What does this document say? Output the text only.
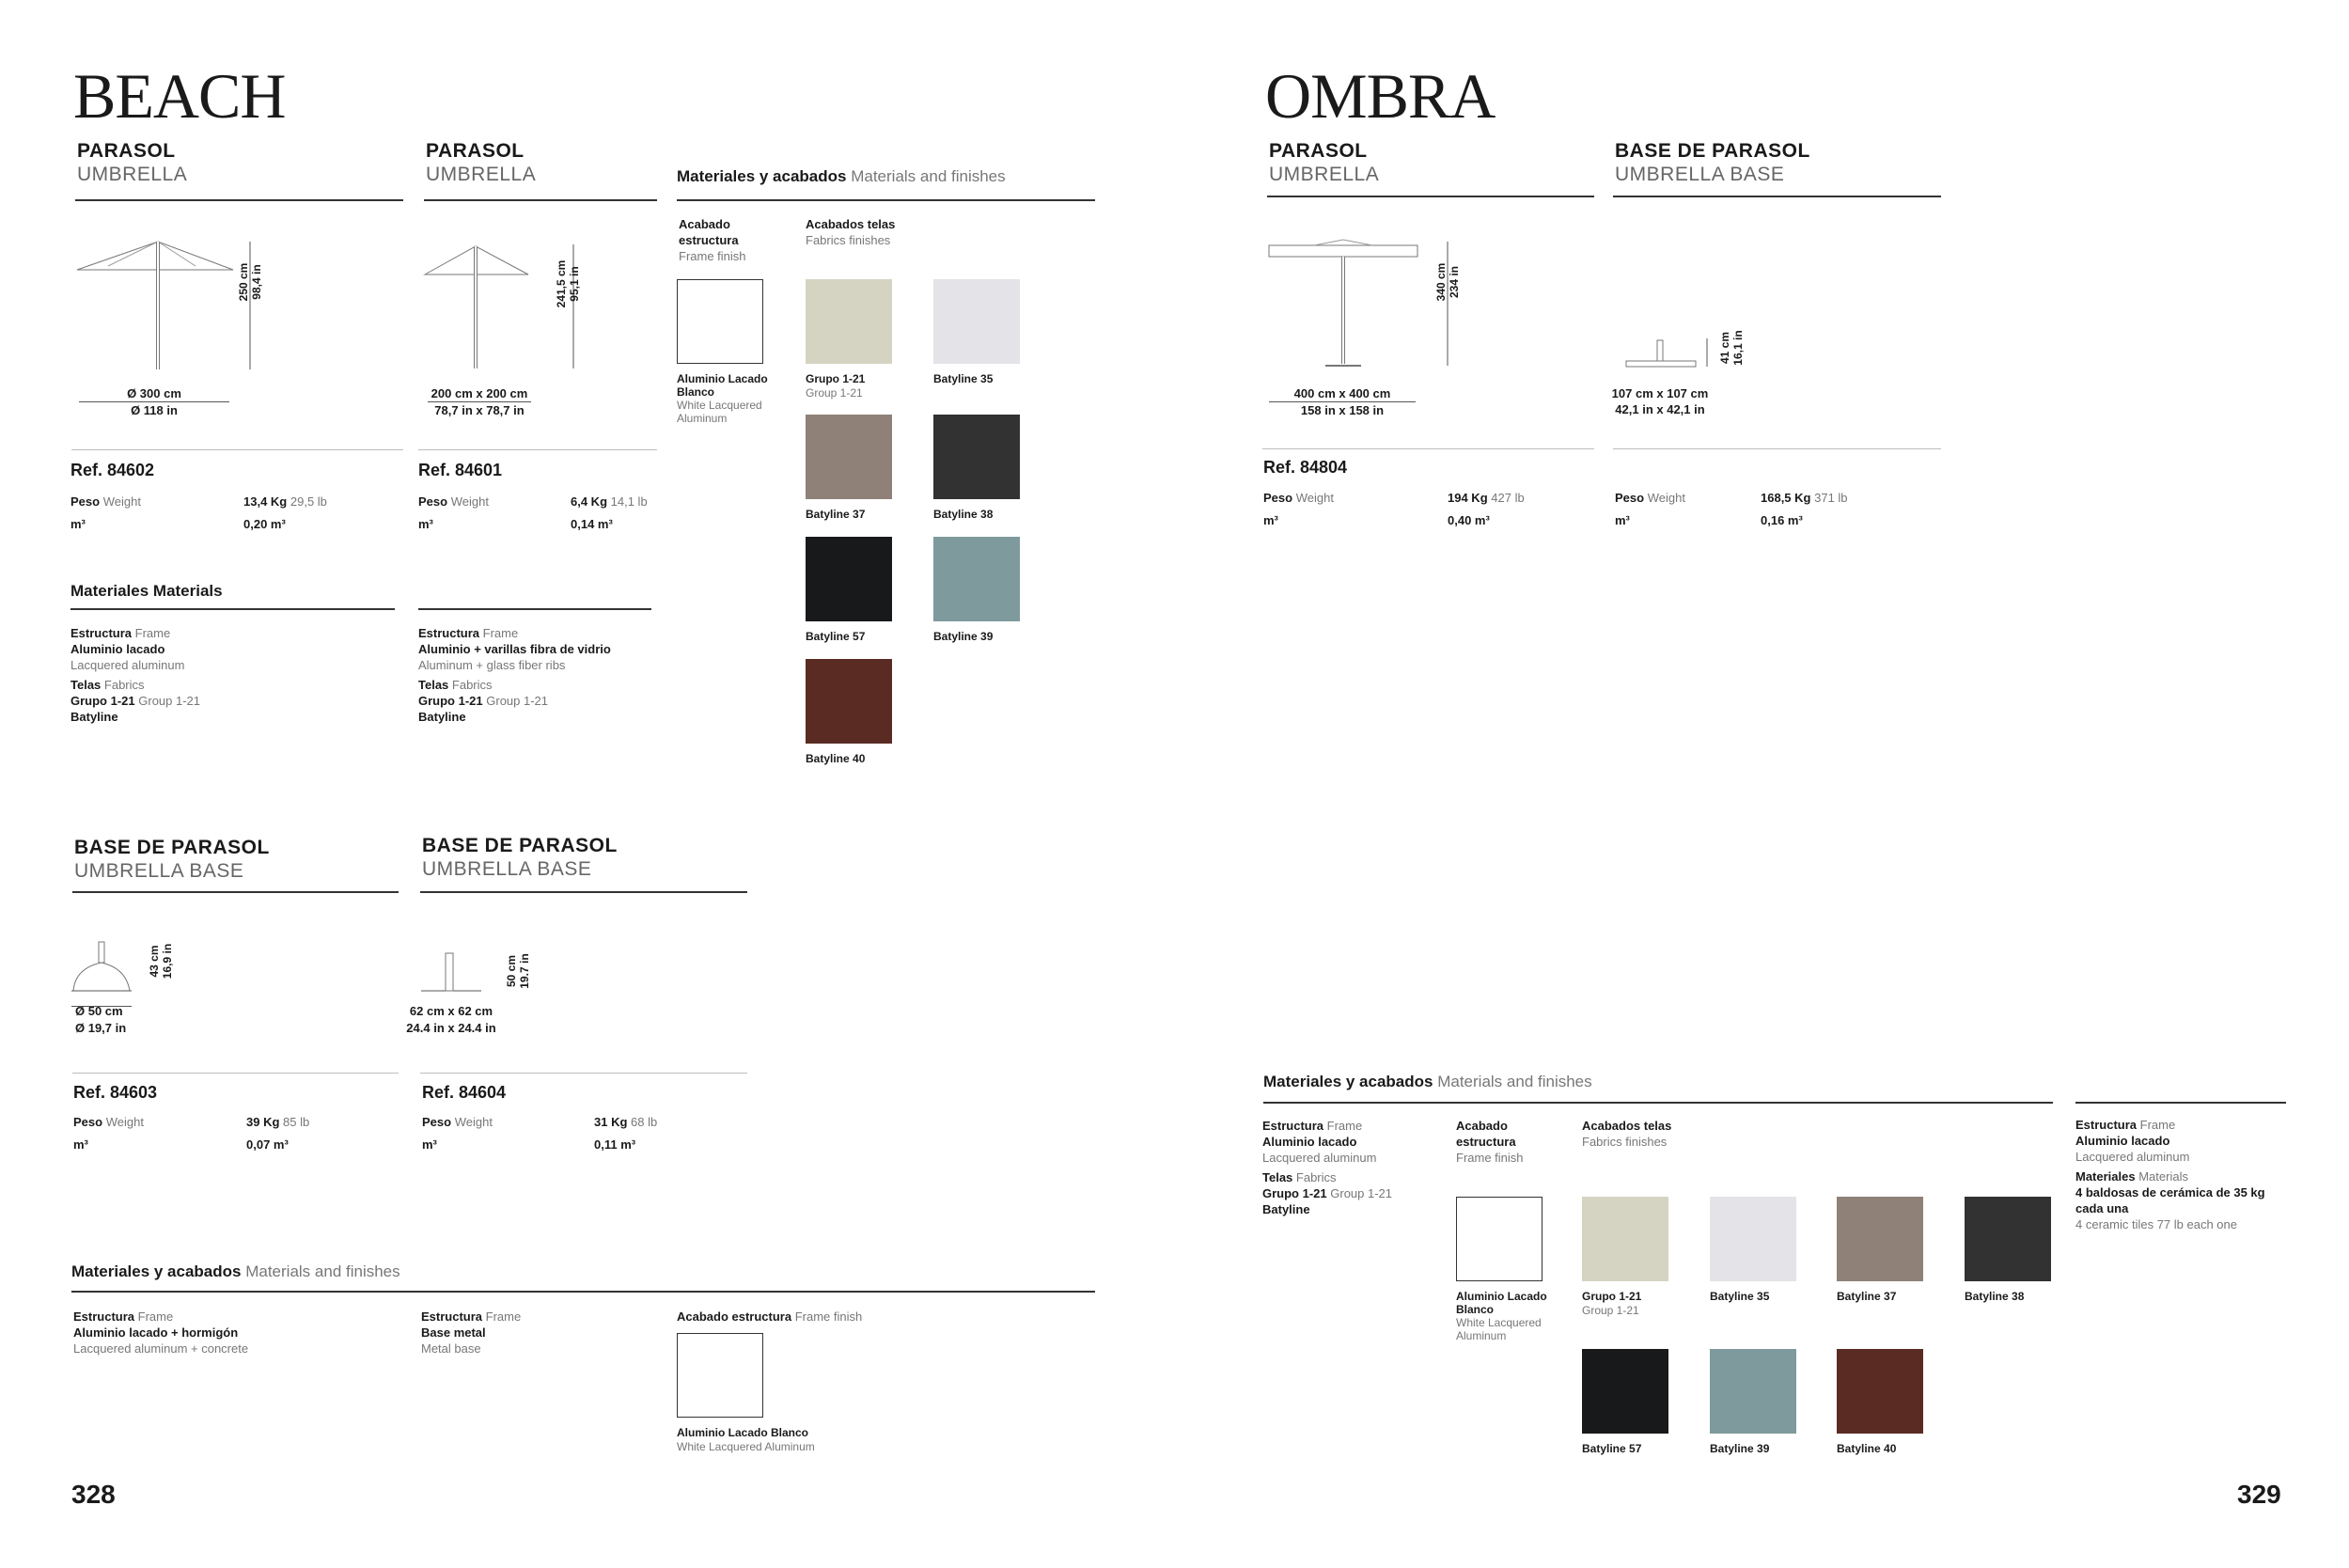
BEACH
PARASOL
UMBRELLA
250 cm
98,4 in
Ø 300 cm
Ø 118 in
Ref. 84602
Peso Weight	13,4 Kg 29,5 lb
m³	0,20 m³
PARASOL
UMBRELLA
241,5 cm
95,1 in
200 cm x 200 cm
78,7 in x 78,7 in
Ref. 84601
Peso Weight	6,4 Kg 14,1 lb
m³	0,14 m³
Materiales Materials
Estructura Frame
Aluminio lacado
Lacquered aluminum
Telas Fabrics
Grupo 1-21 Group 1-21
Batyline
Estructura Frame
Aluminio + varillas fibra de vidrio
Aluminum + glass fiber ribs
Telas Fabrics
Grupo 1-21 Group 1-21
Batyline
Materiales y acabados Materials and finishes
Acabado estructura
Frame finish
Acabados telas
Fabrics finishes
Aluminio Lacado
Blanco
White Lacquered
Aluminum
Grupo 1-21
Group 1-21
Batyline 35
Batyline 37	Batyline 38
Batyline 57	Batyline 39
Batyline 40
BASE DE PARASOL
UMBRELLA BASE
43 cm
16,9 in
Ø 50 cm
Ø 19,7 in
Ref. 84603
Peso Weight	39 Kg 85 lb
m³	0,07 m³
BASE DE PARASOL
UMBRELLA BASE
50 cm
19.7 in
62 cm x 62 cm
24.4 in x 24.4 in
Ref. 84604
Peso Weight	31 Kg 68 lb
m³	0,11 m³
Materiales y acabados Materials and finishes
Estructura Frame
Aluminio lacado + hormigón
Lacquered aluminum + concrete
Estructura Frame
Base metal
Metal base
Acabado estructura Frame finish
Aluminio Lacado Blanco
White Lacquered Aluminum
328
OMBRA
PARASOL
UMBRELLA
340 cm
234 in
400 cm x 400 cm
158 in x 158 in
Ref. 84804
Peso Weight	194 Kg 427 lb
m³	0,40 m³
BASE DE PARASOL
UMBRELLA BASE
41 cm
16,1 in
107 cm x 107 cm
42,1 in x 42,1 in
Peso Weight	168,5 Kg 371 lb
m³	0,16 m³
Materiales y acabados Materials and finishes
Estructura Frame
Aluminio lacado
Lacquered aluminum
Telas Fabrics
Grupo 1-21 Group 1-21
Batyline
Acabado
estructura
Frame finish
Acabados telas
Fabrics finishes
Aluminio Lacado
Blanco
White Lacquered
Aluminum
Grupo 1-21
Group 1-21
Batyline 35	Batyline 37	Batyline 38
Batyline 57	Batyline 39	Batyline 40
Estructura Frame
Aluminio lacado
Lacquered aluminum
Materiales Materials
4 baldosas de cerámica de 35 kg
cada una
4 ceramic tiles 77 lb each one
329
